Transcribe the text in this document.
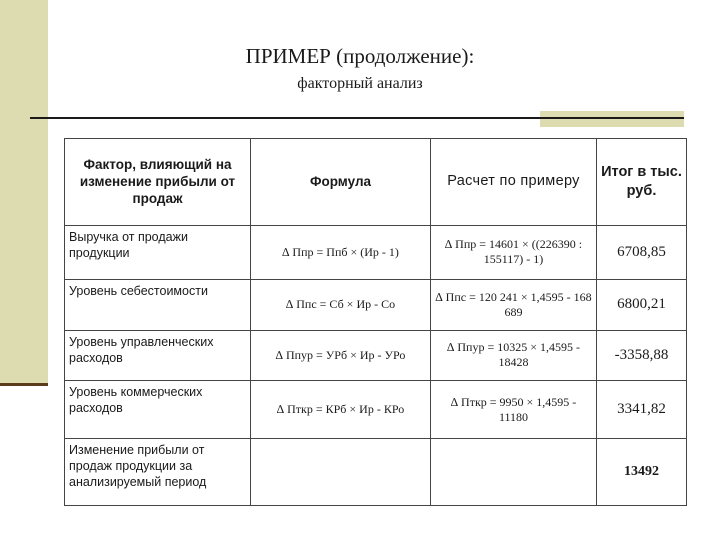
ПРИМЕР (продолжение):

факторный анализ

Фактор, влияющий на изменение прибыли от продаж	Формула	Расчет по примеру	Итог в тыс. руб.
Выручка от продажи продукции	∆ Ппр = Ппб × (Ир - 1)	∆ Ппр = 14601 × ((226390 : 155117) - 1)	6708,85
Уровень себестоимости	∆ Ппс = Сб × Ир - Со	∆ Ппс = 120 241 × 1,4595 - 168 689	6800,21
Уровень управленческих расходов	∆ Ппур = УРб × Ир - УРо	∆ Ппур = 10325 × 1,4595 - 18428	-3358,88
Уровень коммерческих расходов	∆ Пткр = КРб × Ир - КРо	∆ Пткр = 9950 × 1,4595 - 11180	3341,82
Изменение прибыли от продаж продукции за анализируемый период			13492
